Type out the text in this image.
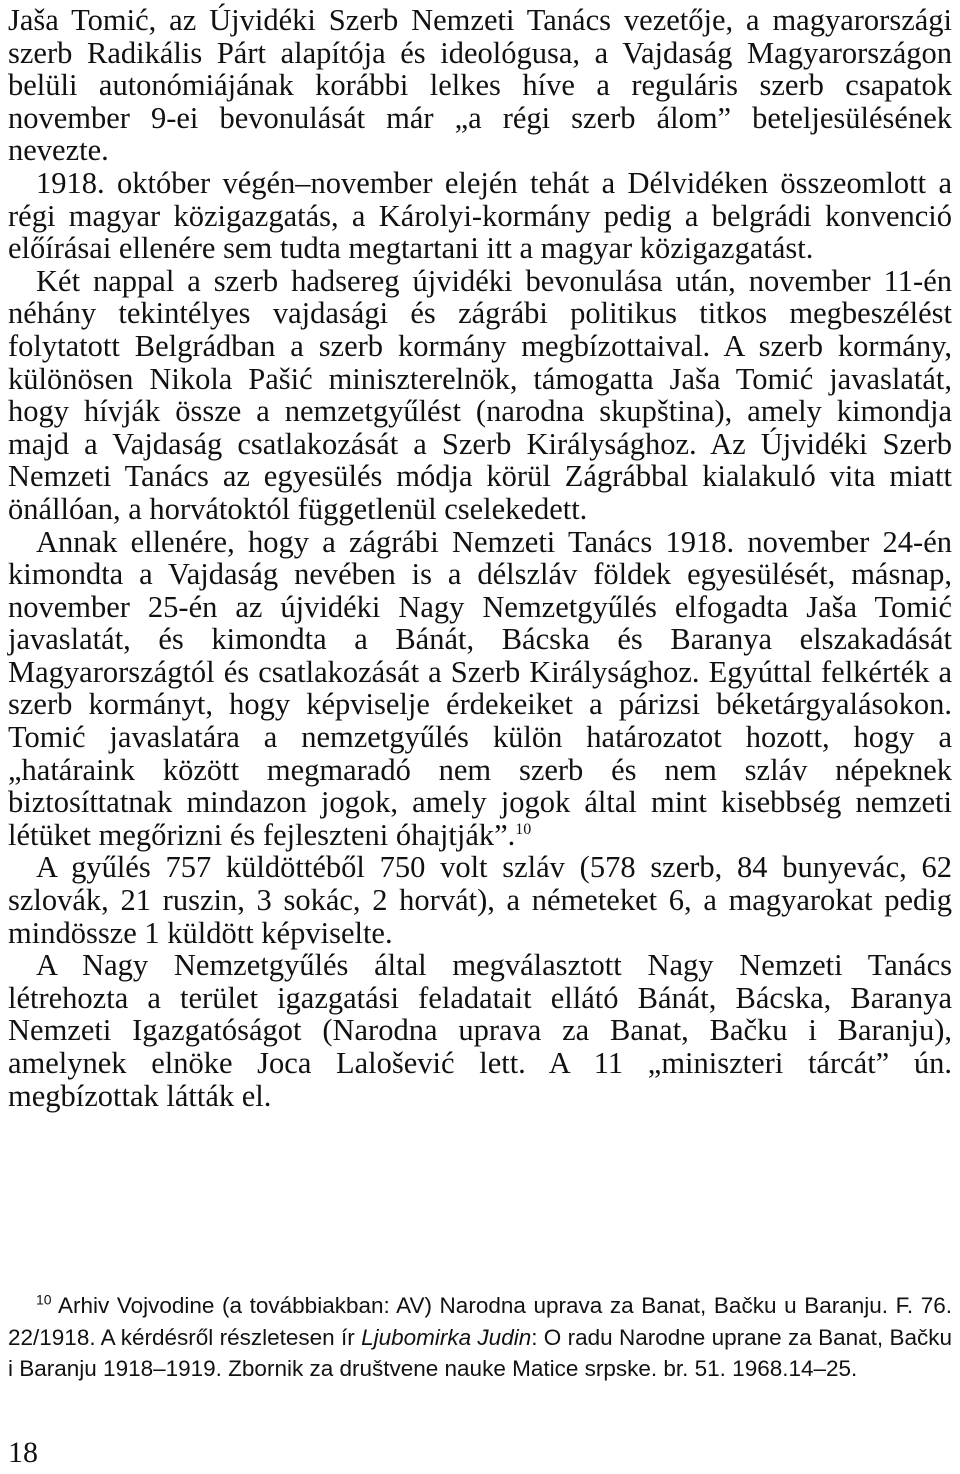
Jaša Tomić, az Újvidéki Szerb Nemzeti Tanács vezetője, a magyarországi szerb Radikális Párt alapítója és ideológusa, a Vajdaság Magyarországon belüli autonómiájának korábbi lelkes híve a reguláris szerb csapatok november 9-ei bevonulását már „a régi szerb álom” beteljesülésének nevezte.

1918. október végén–november elején tehát a Délvidéken összeomlott a régi magyar közigazgatás, a Károlyi-kormány pedig a belgrádi konvenció előírásai ellenére sem tudta megtartani itt a magyar közigazgatást.

Két nappal a szerb hadsereg újvidéki bevonulása után, november 11-én néhány tekintélyes vajdasági és zágrábi politikus titkos megbeszélést folytatott Belgrádban a szerb kormány megbízottaival. A szerb kormány, különösen Nikola Pašić miniszterelnök, támogatta Jaša Tomić javaslatát, hogy hívják össze a nemzetgyűlést (narodna skupština), amely kimondja majd a Vajdaság csatlakozását a Szerb Királysághoz. Az Újvidéki Szerb Nemzeti Tanács az egyesülés módja körül Zágrábbal kialakuló vita miatt önállóan, a horvátoktól függetlenül cselekedett.

Annak ellenére, hogy a zágrábi Nemzeti Tanács 1918. november 24-én kimondta a Vajdaság nevében is a délszláv földek egyesülését, másnap, november 25-én az újvidéki Nagy Nemzetgyűlés elfogadta Jaša Tomić javaslatát, és kimondta a Bánát, Bácska és Baranya elszakadását Magyarországtól és csatlakozását a Szerb Királysághoz. Egyúttal felkérték a szerb kormányt, hogy képviselje érdekeiket a párizsi béketárgyalásokon. Tomić javaslatára a nemzetgyűlés külön határozatot hozott, hogy a „határaink között megmaradó nem szerb és nem szláv népeknek biztosíttatnak mindazon jogok, amely jogok által mint kisebbség nemzeti létüket megőrizni és fejleszteni óhajtják”.$^{10}$

A gyűlés 757 küldöttéből 750 volt szláv (578 szerb, 84 bunyevác, 62 szlovák, 21 ruszin, 3 sokác, 2 horvát), a németeket 6, a magyarokat pedig mindössze 1 küldött képviselte.

A Nagy Nemzetgyűlés által megválasztott Nagy Nemzeti Tanács létrehozta a terület igazgatási feladatait ellátó Bánát, Bácska, Baranya Nemzeti Igazgatóságot (Narodna uprava za Banat, Bačku i Baranju), amelynek elnöke Joca Lalošević lett. A 11 „miniszteri tárcát” ún. megbízottak látták el.

$^{10}$ Arhiv Vojvodine (a továbbiakban: AV) Narodna uprava za Banat, Bačku u Baranju. F. 76. 22/1918. A kérdésről részletesen ír Ljubomirka Judin: O radu Narodne uprane za Banat, Bačku i Baranju 1918–1919. Zbornik za društvene nauke Matice srpske. br. 51. 1968.14–25.

18
